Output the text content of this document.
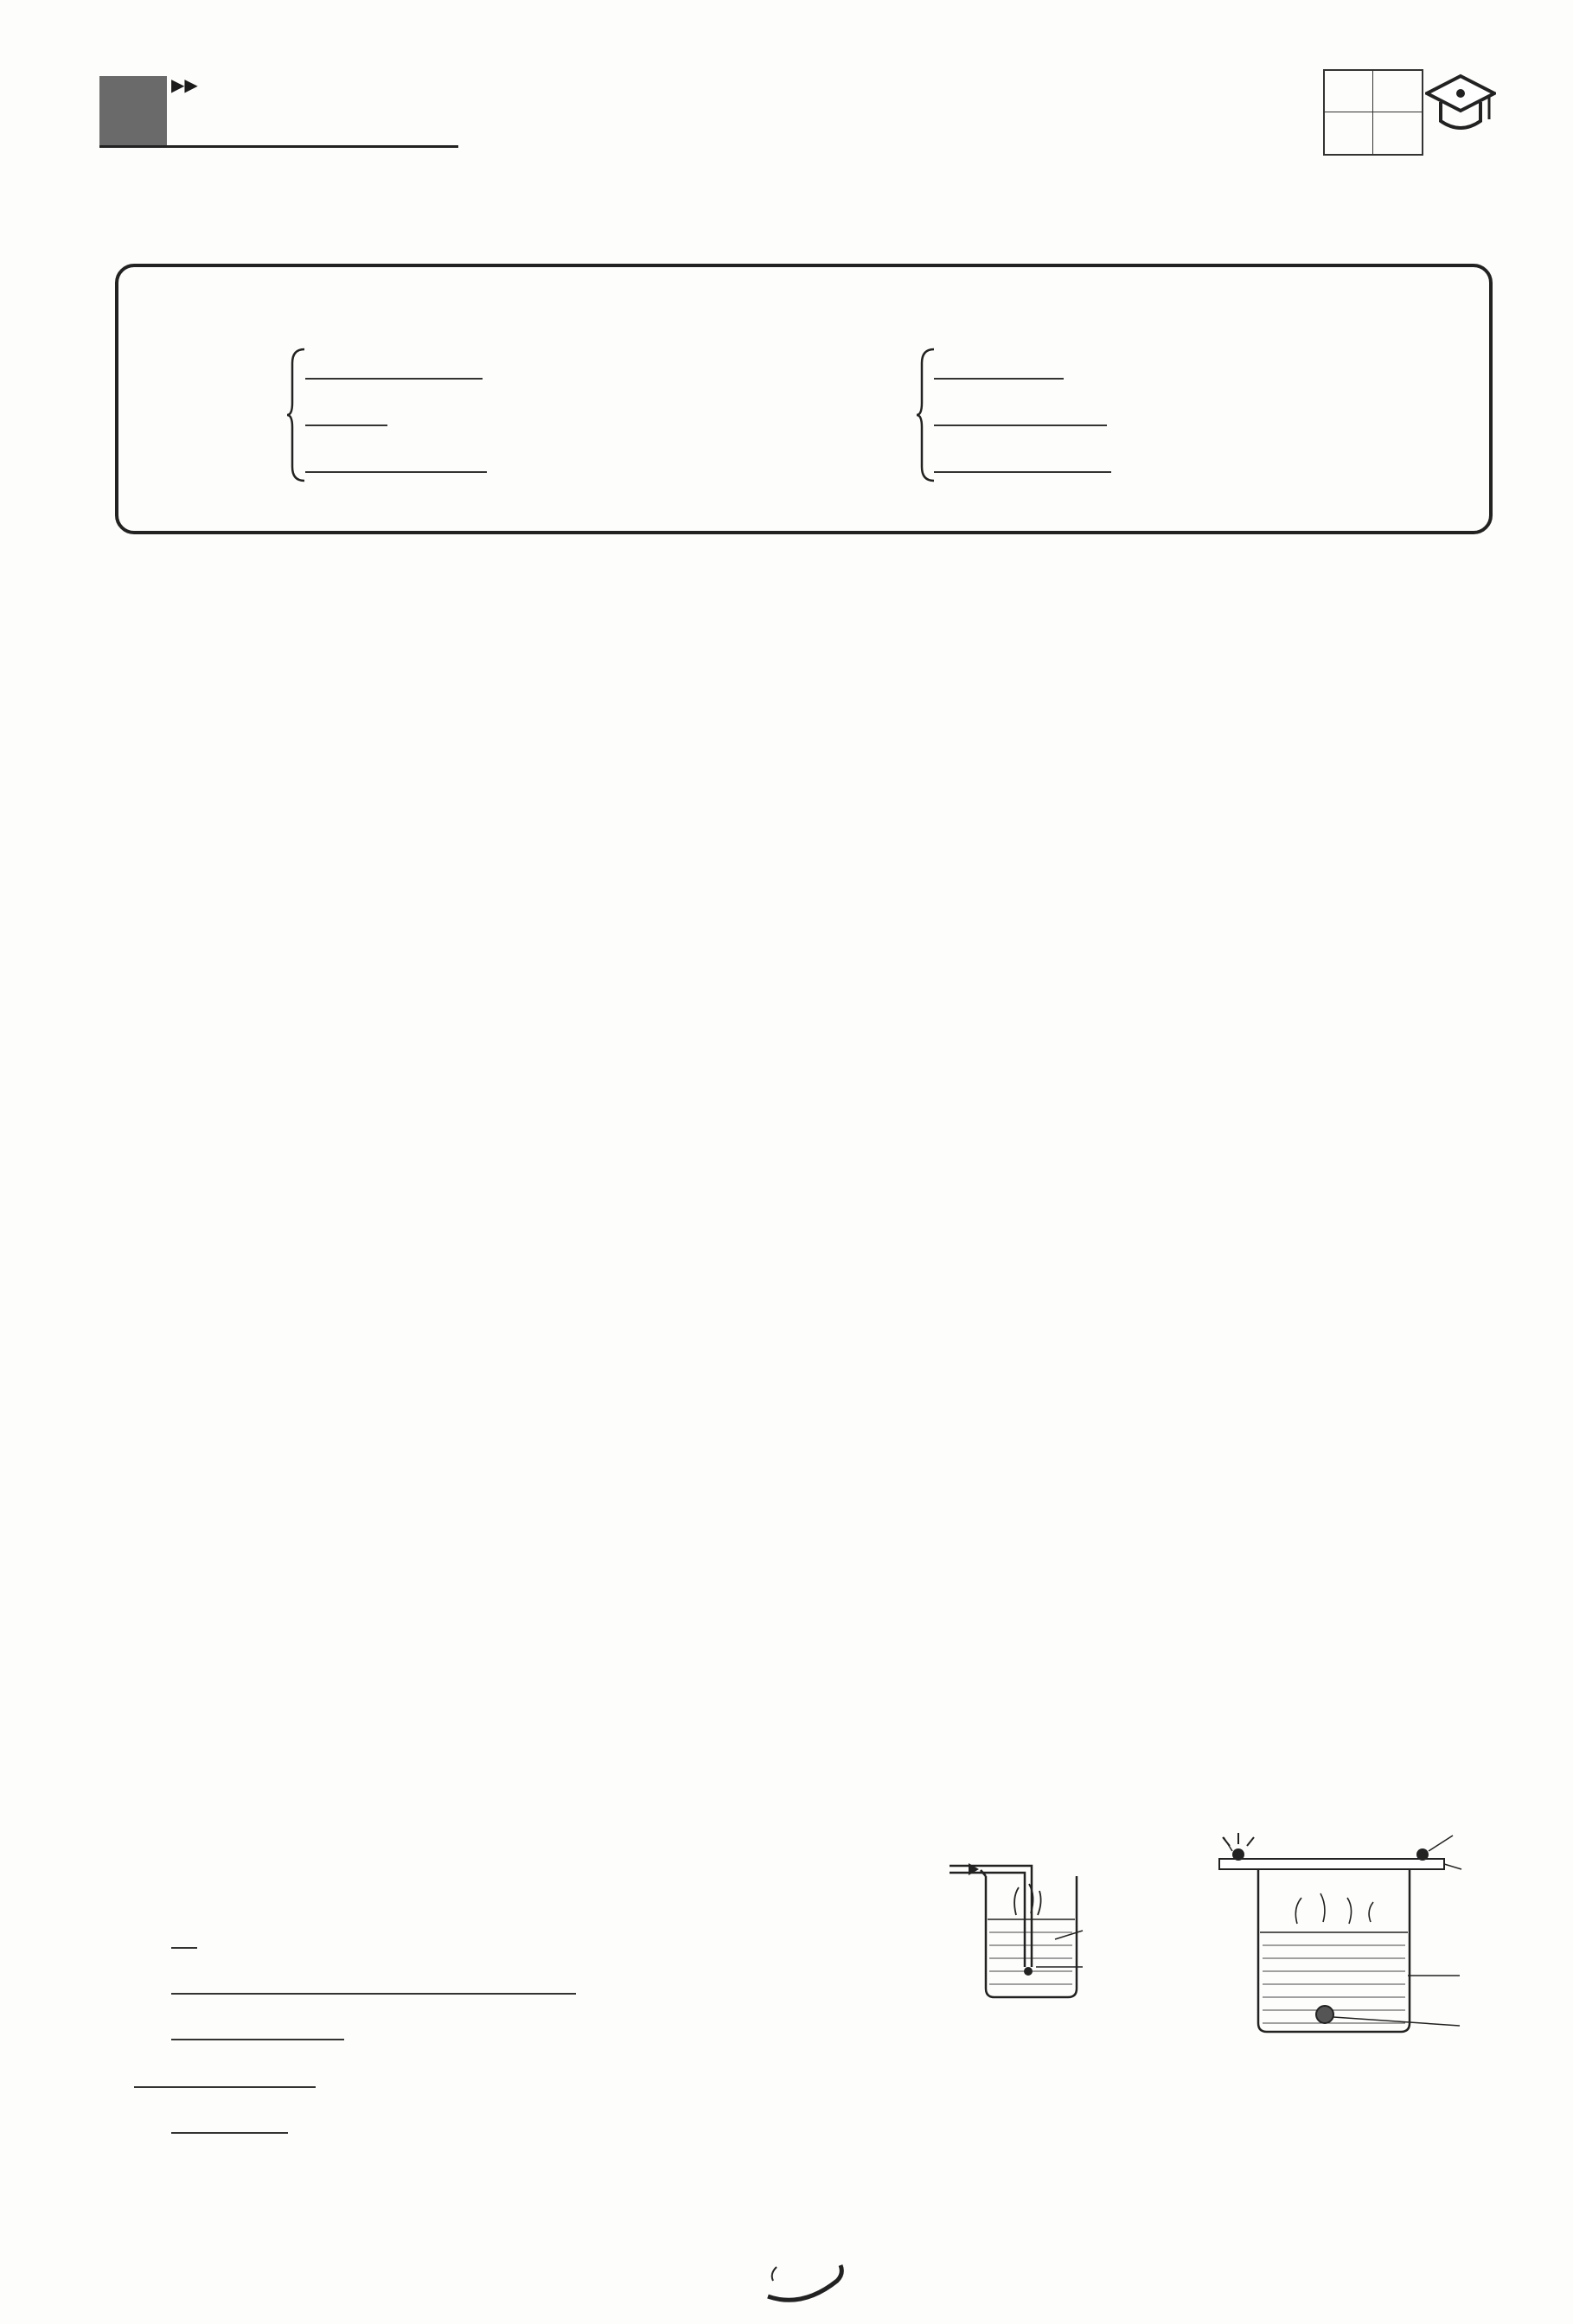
▶▶
